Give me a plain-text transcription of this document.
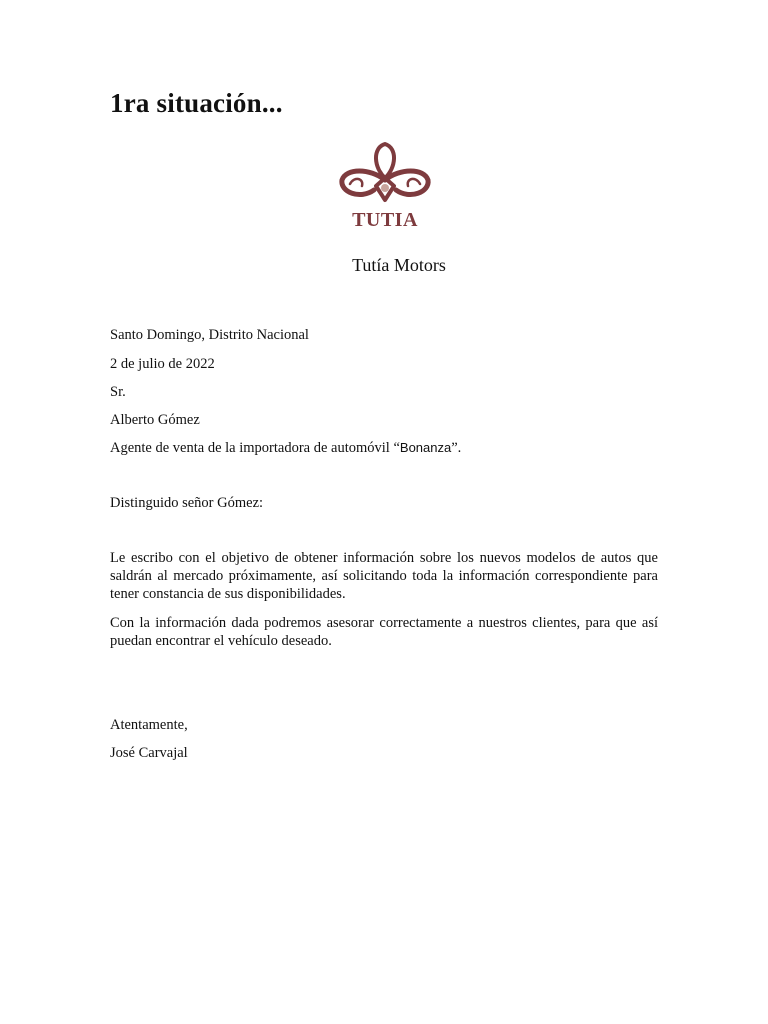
1ra situación...
TUTIA
Tutía Motors
Santo Domingo, Distrito Nacional
2 de julio de 2022
Sr.
Alberto Gómez
Agente de venta de la importadora de automóvil “Bonanza”.
Distinguido señor Gómez:
Le escribo con el objetivo de obtener información sobre los nuevos modelos de autos que saldrán al mercado próximamente, así solicitando toda la información correspondiente para tener constancia de sus disponibilidades.
Con la información dada podremos asesorar correctamente a nuestros clientes, para que así puedan encontrar el vehículo deseado.
Atentamente,
José Carvajal
